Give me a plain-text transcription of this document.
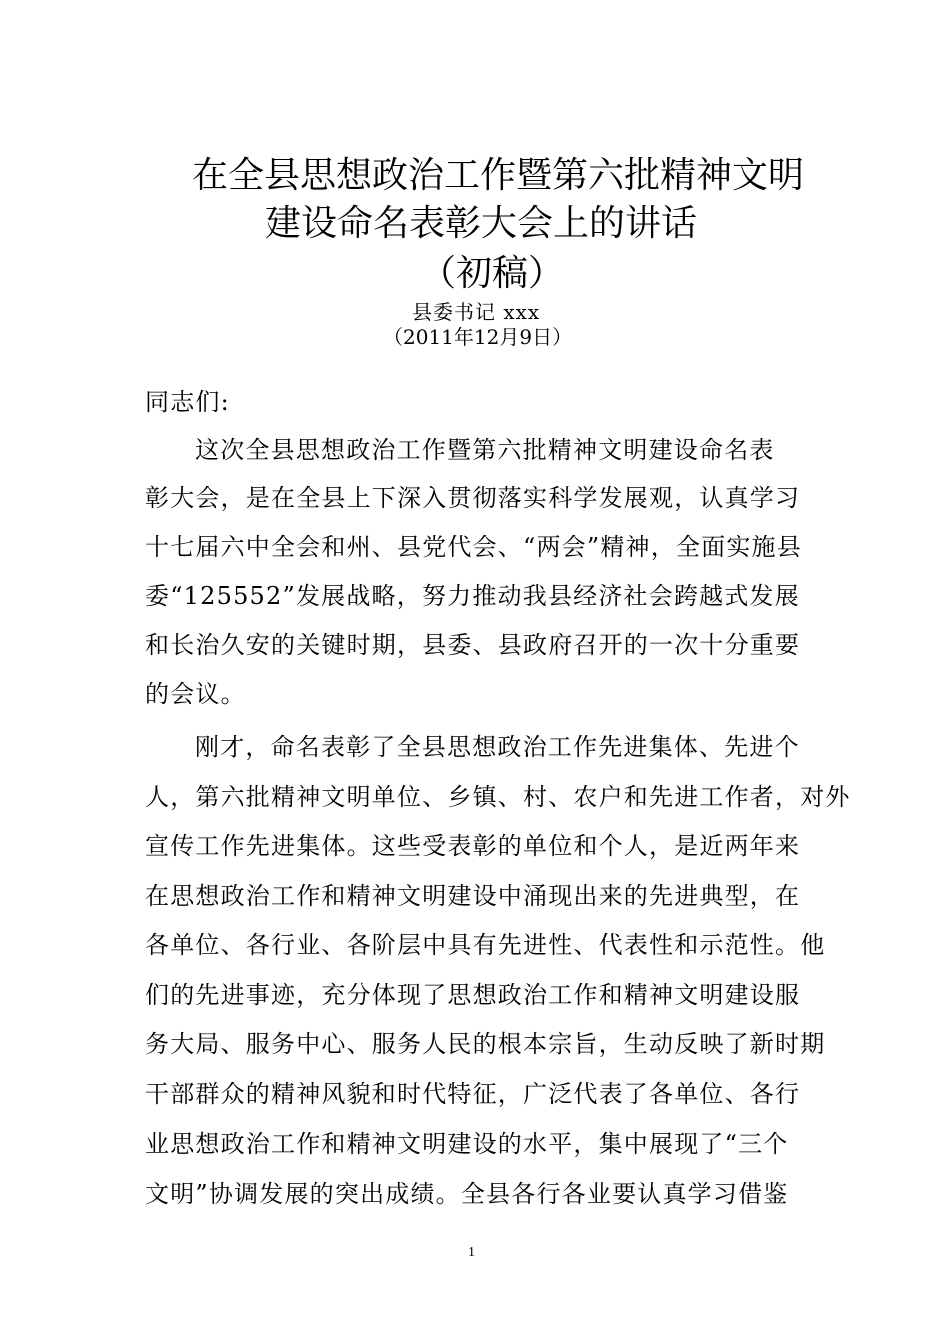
在全县思想政治工作暨第六批精神文明
建设命名表彰大会上的讲话
（初稿）
县委书记 xxx
（2011年12月9日）
同志们:
这次全县思想政治工作暨第六批精神文明建设命名表
彰大会，是在全县上下深入贯彻落实科学发展观，认真学习
十七届六中全会和州、县党代会、“两会”精神，全面实施县
委“125552”发展战略，努力推动我县经济社会跨越式发展
和长治久安的关键时期，县委、县政府召开的一次十分重要
的会议。
刚才，命名表彰了全县思想政治工作先进集体、先进个
人，第六批精神文明单位、乡镇、村、农户和先进工作者，对外
宣传工作先进集体。这些受表彰的单位和个人，是近两年来
在思想政治工作和精神文明建设中涌现出来的先进典型，在
各单位、各行业、各阶层中具有先进性、代表性和示范性。他
们的先进事迹，充分体现了思想政治工作和精神文明建设服
务大局、服务中心、服务人民的根本宗旨，生动反映了新时期
干部群众的精神风貌和时代特征，广泛代表了各单位、各行
业思想政治工作和精神文明建设的水平，集中展现了“三个
文明”协调发展的突出成绩。全县各行各业要认真学习借鉴
1
